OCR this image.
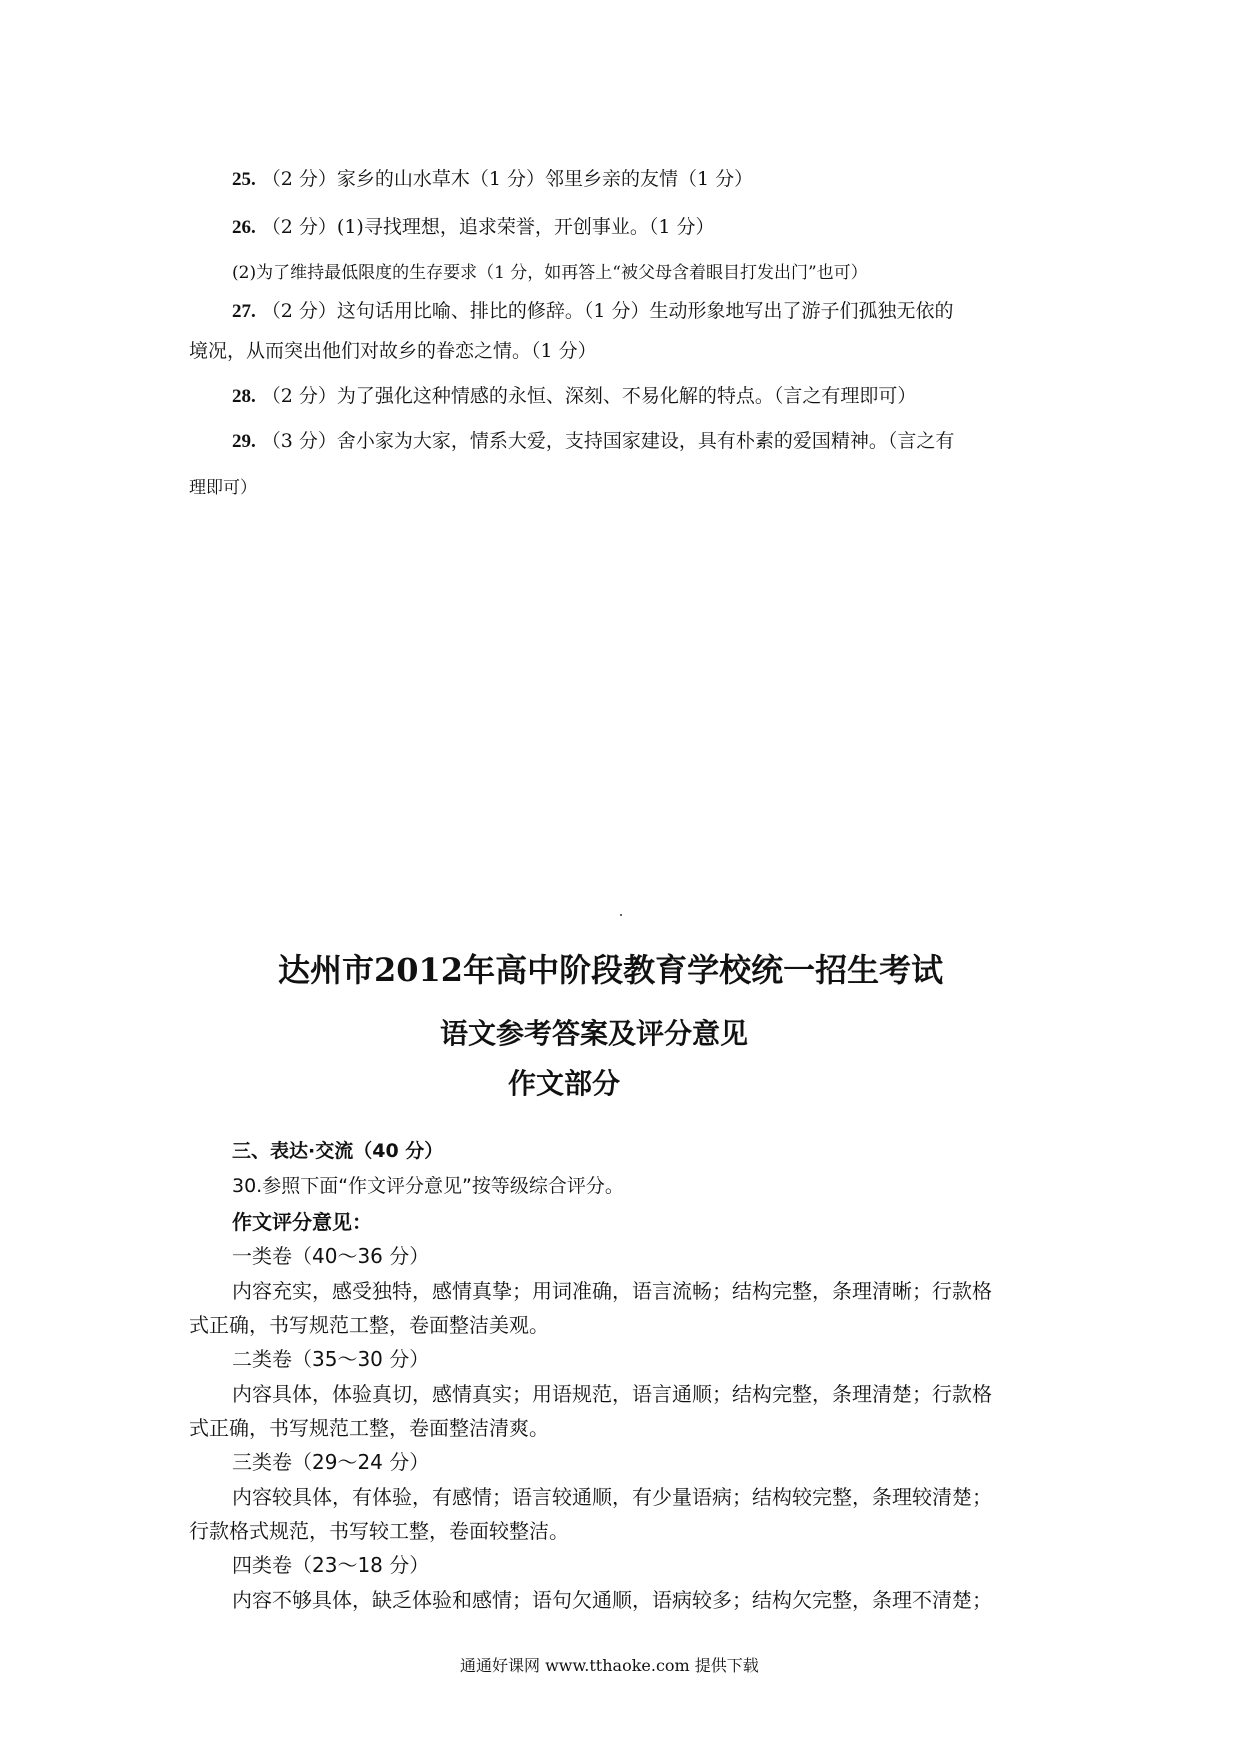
25. （2 分）家乡的山水草木（1 分）邻里乡亲的友情（1 分）
26. （2 分）(1)寻找理想，追求荣誉，开创事业。（1 分）
(2)为了维持最低限度的生存要求（1 分，如再答上“被父母含着眼目打发出门”也可）
27. （2 分）这句话用比喻、排比的修辞。（1 分）生动形象地写出了游子们孤独无依的
境况，从而突出他们对故乡的眷恋之情。（1 分）
28. （2 分）为了强化这种情感的永恒、深刻、不易化解的特点。（言之有理即可）
29. （3 分）舍小家为大家，情系大爱，支持国家建设，具有朴素的爱国精神。（言之有
理即可）
达州市2012年高中阶段教育学校统一招生考试
语文参考答案及评分意见
作文部分
三、表达·交流（40 分）
30.参照下面“作文评分意见”按等级综合评分。
作文评分意见：
一类卷（40～36 分）
内容充实，感受独特，感情真挚；用词准确，语言流畅；结构完整，条理清晰；行款格
式正确，书写规范工整，卷面整洁美观。
二类卷（35～30 分）
内容具体，体验真切，感情真实；用语规范，语言通顺；结构完整，条理清楚；行款格
式正确，书写规范工整，卷面整洁清爽。
三类卷（29～24 分）
内容较具体，有体验，有感情；语言较通顺，有少量语病；结构较完整，条理较清楚；
行款格式规范，书写较工整，卷面较整洁。
四类卷（23～18 分）
内容不够具体，缺乏体验和感情；语句欠通顺，语病较多；结构欠完整，条理不清楚；
通通好课网 www.tthaoke.com 提供下载
